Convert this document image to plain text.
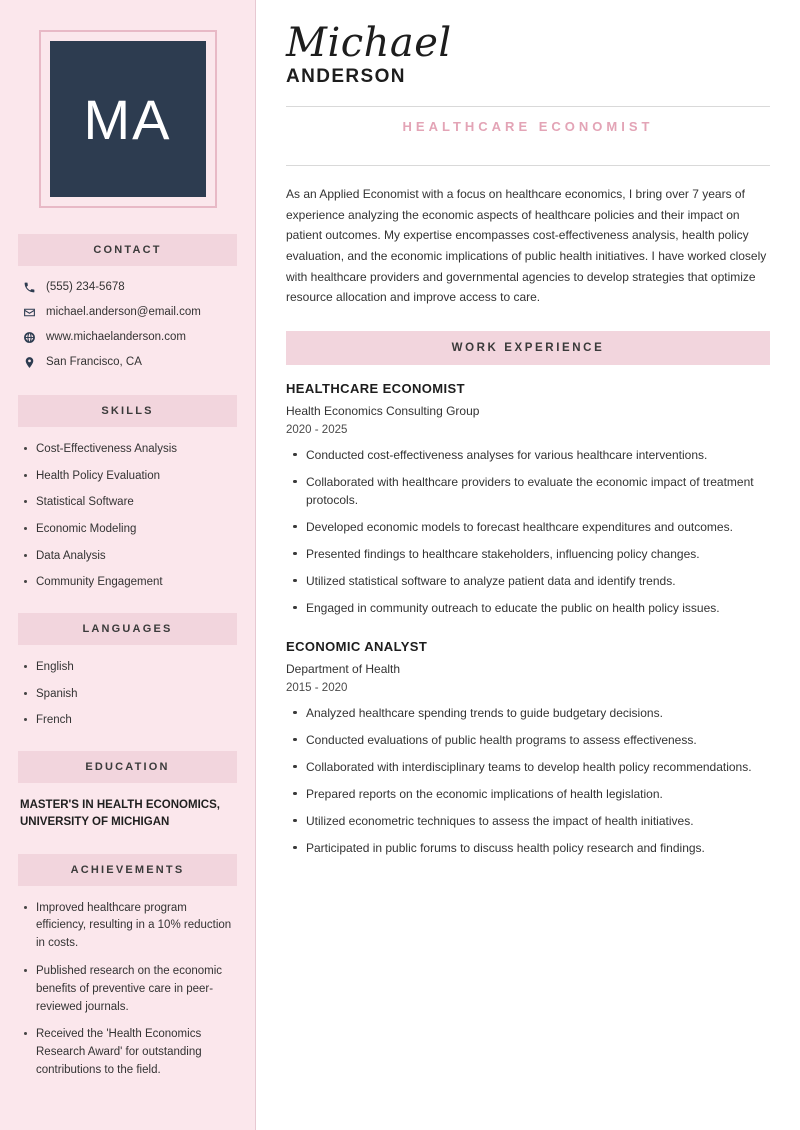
MA
CONTACT
(555) 234-5678
michael.anderson@email.com
www.michaelanderson.com
San Francisco, CA
SKILLS
Cost-Effectiveness Analysis
Health Policy Evaluation
Statistical Software
Economic Modeling
Data Analysis
Community Engagement
LANGUAGES
English
Spanish
French
EDUCATION
MASTER'S IN HEALTH ECONOMICS, UNIVERSITY OF MICHIGAN
ACHIEVEMENTS
Improved healthcare program efficiency, resulting in a 10% reduction in costs.
Published research on the economic benefits of preventive care in peer-reviewed journals.
Received the 'Health Economics Research Award' for outstanding contributions to the field.
Michael
ANDERSON
HEALTHCARE ECONOMIST

As an Applied Economist with a focus on healthcare economics, I bring over 7 years of experience analyzing the economic aspects of healthcare policies and their impact on patient outcomes. My expertise encompasses cost-effectiveness analysis, health policy evaluation, and the economic implications of public health initiatives. I have worked closely with healthcare providers and governmental agencies to develop strategies that optimize resource allocation and improve access to care.

WORK EXPERIENCE
HEALTHCARE ECONOMIST
Health Economics Consulting Group
2020 - 2025
Conducted cost-effectiveness analyses for various healthcare interventions.
Collaborated with healthcare providers to evaluate the economic impact of treatment protocols.
Developed economic models to forecast healthcare expenditures and outcomes.
Presented findings to healthcare stakeholders, influencing policy changes.
Utilized statistical software to analyze patient data and identify trends.
Engaged in community outreach to educate the public on health policy issues.
ECONOMIC ANALYST
Department of Health
2015 - 2020
Analyzed healthcare spending trends to guide budgetary decisions.
Conducted evaluations of public health programs to assess effectiveness.
Collaborated with interdisciplinary teams to develop health policy recommendations.
Prepared reports on the economic implications of health legislation.
Utilized econometric techniques to assess the impact of health initiatives.
Participated in public forums to discuss health policy research and findings.
